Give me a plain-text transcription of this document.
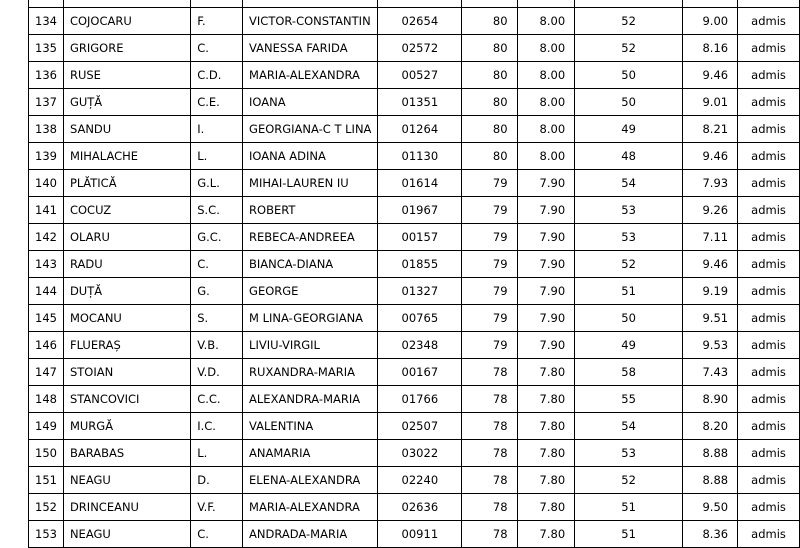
134	COJOCARU	F.	VICTOR-CONSTANTIN	02654	80	8.00	52	9.00	admis
135	GRIGORE	C.	VANESSA FARIDA	02572	80	8.00	52	8.16	admis
136	RUSE	C.D.	MARIA-ALEXANDRA	00527	80	8.00	50	9.46	admis
137	GUȚĂ	C.E.	IOANA	01351	80	8.00	50	9.01	admis
138	SANDU	I.	GEORGIANA-C T LINA	01264	80	8.00	49	8.21	admis
139	MIHALACHE	L.	IOANA ADINA	01130	80	8.00	48	9.46	admis
140	PLĂTICĂ	G.L.	MIHAI-LAUREN IU	01614	79	7.90	54	7.93	admis
141	COCUZ	S.C.	ROBERT	01967	79	7.90	53	9.26	admis
142	OLARU	G.C.	REBECA-ANDREEA	00157	79	7.90	53	7.11	admis
143	RADU	C.	BIANCA-DIANA	01855	79	7.90	52	9.46	admis
144	DUȚĂ	G.	GEORGE	01327	79	7.90	51	9.19	admis
145	MOCANU	S.	M LINA-GEORGIANA	00765	79	7.90	50	9.51	admis
146	FLUERAȘ	V.B.	LIVIU-VIRGIL	02348	79	7.90	49	9.53	admis
147	STOIAN	V.D.	RUXANDRA-MARIA	00167	78	7.80	58	7.43	admis
148	STANCOVICI	C.C.	ALEXANDRA-MARIA	01766	78	7.80	55	8.90	admis
149	MURGĂ	I.C.	VALENTINA	02507	78	7.80	54	8.20	admis
150	BARABAS	L.	ANAMARIA	03022	78	7.80	53	8.88	admis
151	NEAGU	D.	ELENA-ALEXANDRA	02240	78	7.80	52	8.88	admis
152	DRINCEANU	V.F.	MARIA-ALEXANDRA	02636	78	7.80	51	9.50	admis
153	NEAGU	C.	ANDRADA-MARIA	00911	78	7.80	51	8.36	admis
